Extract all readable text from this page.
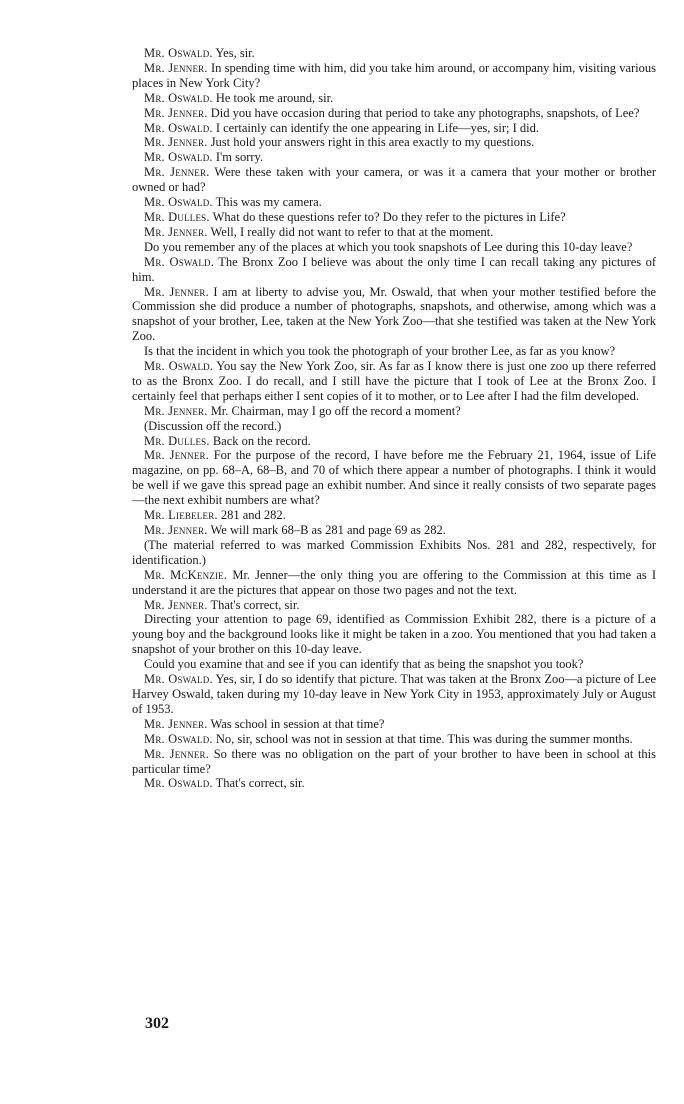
Mr. Oswald. Yes, sir.

Mr. Jenner. In spending time with him, did you take him around, or accompany him, visiting various places in New York City?

Mr. Oswald. He took me around, sir.

Mr. Jenner. Did you have occasion during that period to take any photographs, snapshots, of Lee?

Mr. Oswald. I certainly can identify the one appearing in Life—yes, sir; I did.

Mr. Jenner. Just hold your answers right in this area exactly to my questions.

Mr. Oswald. I'm sorry.

Mr. Jenner. Were these taken with your camera, or was it a camera that your mother or brother owned or had?

Mr. Oswald. This was my camera.

Mr. Dulles. What do these questions refer to? Do they refer to the pictures in Life?

Mr. Jenner. Well, I really did not want to refer to that at the moment.

Do you remember any of the places at which you took snapshots of Lee during this 10-day leave?

Mr. Oswald. The Bronx Zoo I believe was about the only time I can recall taking any pictures of him.

Mr. Jenner. I am at liberty to advise you, Mr. Oswald, that when your mother testified before the Commission she did produce a number of photographs, snapshots, and otherwise, among which was a snapshot of your brother, Lee, taken at the New York Zoo—that she testified was taken at the New York Zoo.

Is that the incident in which you took the photograph of your brother Lee, as far as you know?

Mr. Oswald. You say the New York Zoo, sir. As far as I know there is just one zoo up there referred to as the Bronx Zoo. I do recall, and I still have the picture that I took of Lee at the Bronx Zoo. I certainly feel that perhaps either I sent copies of it to mother, or to Lee after I had the film developed.

Mr. Jenner. Mr. Chairman, may I go off the record a moment?

(Discussion off the record.)

Mr. Dulles. Back on the record.

Mr. Jenner. For the purpose of the record, I have before me the February 21, 1964, issue of Life magazine, on pp. 68–A, 68–B, and 70 of which there appear a number of photographs. I think it would be well if we gave this spread page an exhibit number. And since it really consists of two separate pages—the next exhibit numbers are what?

Mr. Liebeler. 281 and 282.

Mr. Jenner. We will mark 68–B as 281 and page 69 as 282.

(The material referred to was marked Commission Exhibits Nos. 281 and 282, respectively, for identification.)

Mr. McKenzie. Mr. Jenner—the only thing you are offering to the Commission at this time as I understand it are the pictures that appear on those two pages and not the text.

Mr. Jenner. That's correct, sir.

Directing your attention to page 69, identified as Commission Exhibit 282, there is a picture of a young boy and the background looks like it might be taken in a zoo. You mentioned that you had taken a snapshot of your brother on this 10-day leave.

Could you examine that and see if you can identify that as being the snapshot you took?

Mr. Oswald. Yes, sir, I do so identify that picture. That was taken at the Bronx Zoo—a picture of Lee Harvey Oswald, taken during my 10-day leave in New York City in 1953, approximately July or August of 1953.

Mr. Jenner. Was school in session at that time?

Mr. Oswald. No, sir, school was not in session at that time. This was during the summer months.

Mr. Jenner. So there was no obligation on the part of your brother to have been in school at this particular time?

Mr. Oswald. That's correct, sir.

302
